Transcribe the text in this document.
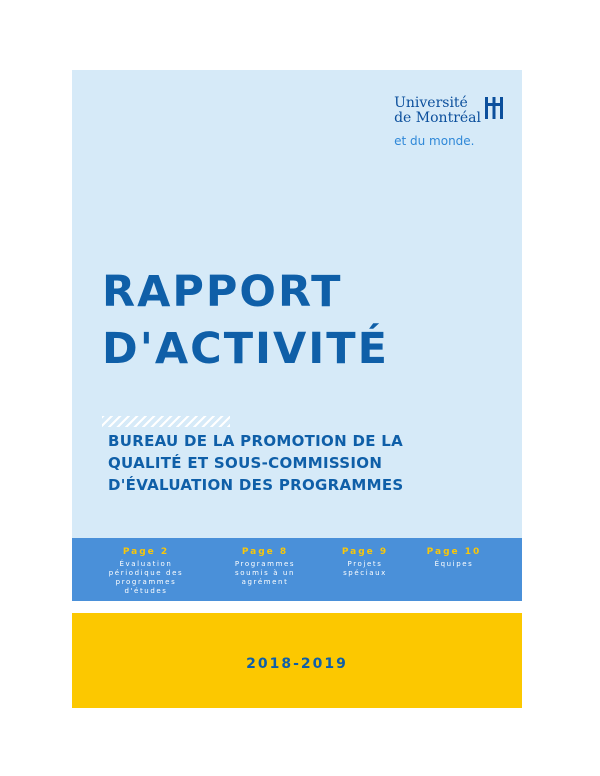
Université
de Montréal
et du monde.
RAPPORT
D'ACTIVITÉ
BUREAU DE LA PROMOTION DE LA
QUALITÉ ET SOUS-COMMISSION
D'ÉVALUATION DES PROGRAMMES
Page 2
Évaluation
périodique des
programmes
d'études
Page 8
Programmes
soumis à un
agrément
Page 9
Projets
spéciaux
Page 10
Équipes
2018-2019
